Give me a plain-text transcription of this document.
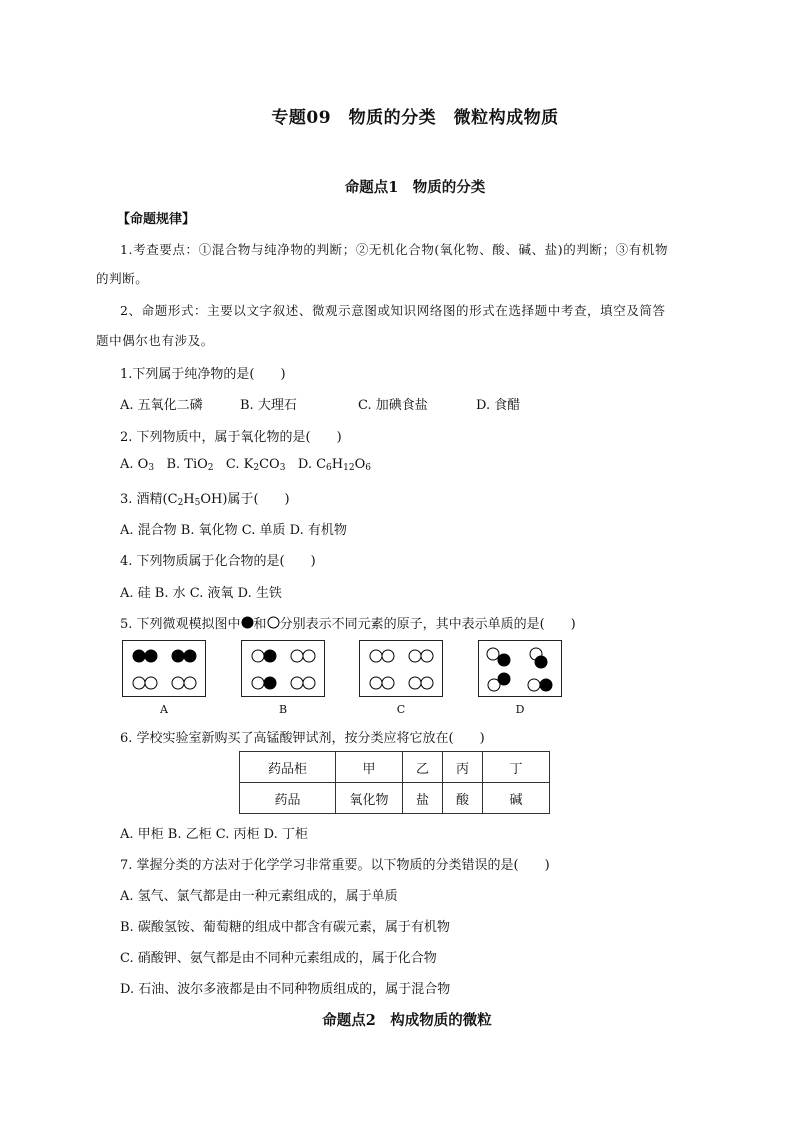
专题09　物质的分类　微粒构成物质
命题点1　物质的分类
【命题规律】
1.考查要点：①混合物与纯净物的判断；②无机化合物(氧化物、酸、碱、盐)的判断；③有机物
的判断。
2、命题形式：主要以文字叙述、微观示意图或知识网络图的形式在选择题中考查，填空及简答
题中偶尔也有涉及。
1.下列属于纯净物的是(　　)
A. 五氧化二磷	B. 大理石	C. 加碘食盐	D. 食醋
2. 下列物质中，属于氧化物的是(　　)
A. $O_3$ B. TiO$_2$ C. $K_2CO_3$ D. $C_6H_{12}O_6$
3. 酒精$(C_2H_5OH)$属于(　　)
A. 混合物 B. 氧化物 C. 单质 D. 有机物
4. 下列物质属于化合物的是(　　)
A. 硅 B. 水 C. 液氧 D. 生铁
5. 下列微观模拟图中 和 分别表示不同元素的原子，其中表示单质的是(　　)
A	B	C	D
6. 学校实验室新购买了高锰酸钾试剂，按分类应将它放在(　　)
药品柜	甲	乙	丙	丁
药品	氧化物	盐	酸	碱
A. 甲柜 B. 乙柜 C. 丙柜 D. 丁柜
7. 掌握分类的方法对于化学学习非常重要。以下物质的分类错误的是(　　)
A. 氢气、氯气都是由一种元素组成的，属于单质
B. 碳酸氢铵、葡萄糖的组成中都含有碳元素，属于有机物
C. 硝酸钾、氨气都是由不同种元素组成的，属于化合物
D. 石油、波尔多液都是由不同种物质组成的，属于混合物
命题点2　构成物质的微粒
